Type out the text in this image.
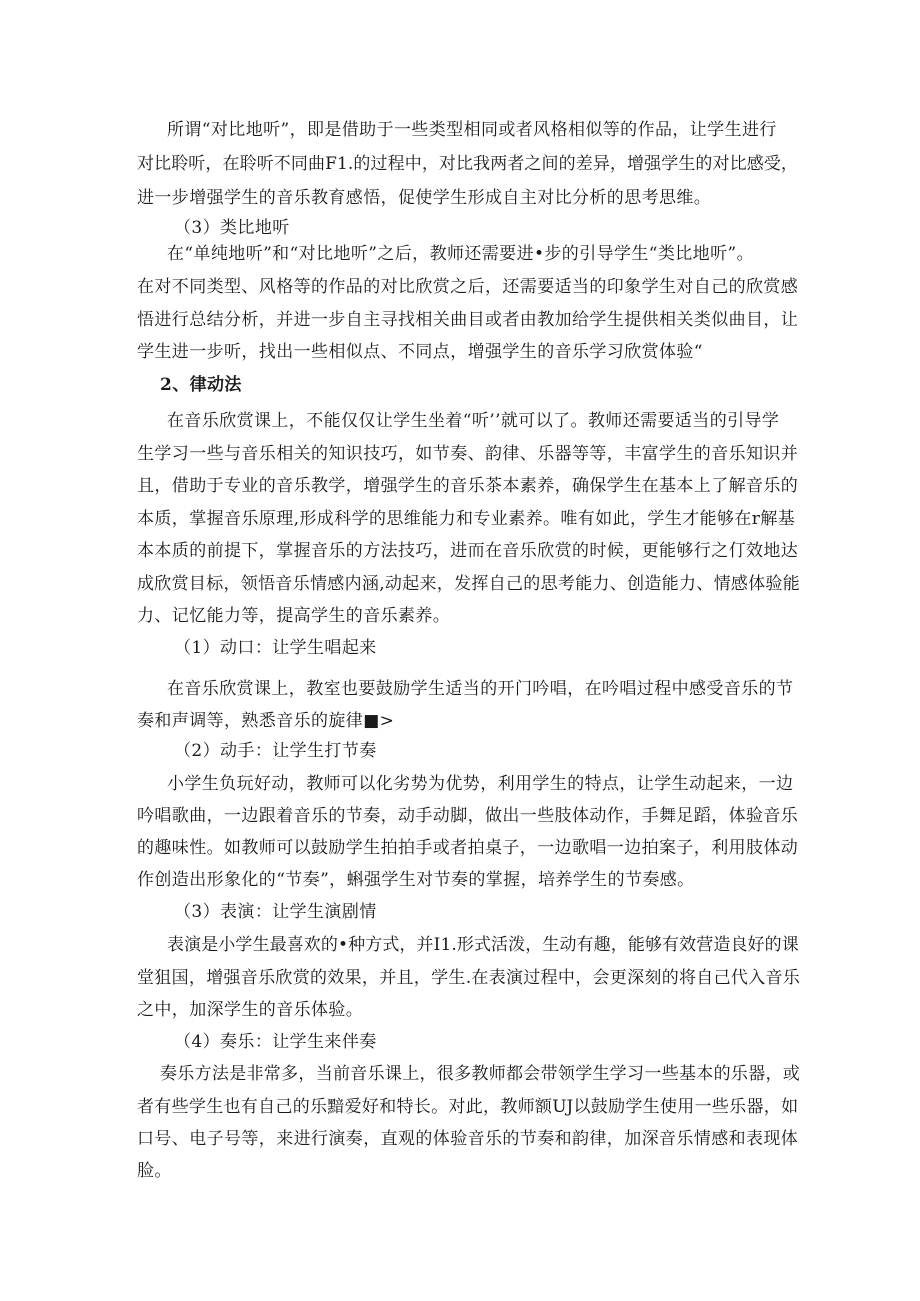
所谓“对比地听”，即是借助于一些类型相同或者风格相似等的作品，让学生进行
对比聆听，在聆听不同曲F1.的过程中，对比我两者之间的差异，增强学生的对比感受，
进一步增强学生的音乐教育感悟，促使学生形成自主对比分析的思考思维。
（3）类比地听
在“单纯地听”和“对比地听”之后，教师还需要进•步的引导学生“类比地听”。
在对不同类型、风格等的作品的对比欣赏之后，还需要适当的印象学生对自己的欣赏感
悟进行总结分析，并进一步自主寻找相关曲目或者由教加给学生提供相关类似曲目，让
学生进一步听，找出一些相似点、不同点，增强学生的音乐学习欣赏体验“
2、律动法
在音乐欣赏课上，不能仅仅让学生坐着“听’’就可以了。教师还需要适当的引导学
生学习一些与音乐相关的知识技巧，如节奏、韵律、乐器等等，丰富学生的音乐知识并
且，借助于专业的音乐教学，增强学生的音乐茶本素养，确保学生在基本上了解音乐的
本质，掌握音乐原理,形成科学的思维能力和专业素养。唯有如此，学生才能够在r解基
本本质的前提下，掌握音乐的方法技巧，进而在音乐欣赏的时候，更能够行之仃效地达
成欣赏目标，领悟音乐情感内涵,动起来，发挥自己的思考能力、创造能力、情感体验能
力、记忆能力等，提高学生的音乐素养。
（1）动口：让学生唱起来
在音乐欣赏课上，教室也要鼓励学生适当的开门吟唱，在吟唱过程中感受音乐的节
奏和声调等，熟悉音乐的旋律■>
（2）动手：让学生打节奏
小学生负玩好动，教师可以化劣势为优势，利用学生的特点，让学生动起来，一边
吟唱歌曲，一边跟着音乐的节奏，动手动脚，做出一些肢体动作，手舞足蹈，体验音乐
的趣味性。如教师可以鼓励学生拍拍手或者拍桌子，一边歌唱一边拍案子，利用肢体动
作创造出形象化的“节奏”，蝌强学生对节奏的掌握，培养学生的节奏感。
（3）表演：让学生演剧情
表演是小学生最喜欢的•种方式，并I1.形式活泼，生动有趣，能够有效营造良好的课
堂狙国，增强音乐欣赏的效果，并且，学生.在表演过程中，会更深刻的将自己代入音乐
之中，加深学生的音乐体验。
（4）奏乐：让学生来伴奏
奏乐方法是非常多，当前音乐课上，很多教师都会带领学生学习一些基本的乐器，或
者有些学生也有自己的乐黯爱好和特长。对此，教师额UJ以鼓励学生使用一些乐器，如
口号、电子号等，来进行演奏，直观的体验音乐的节奏和韵律，加深音乐情感和表现体
脸。
